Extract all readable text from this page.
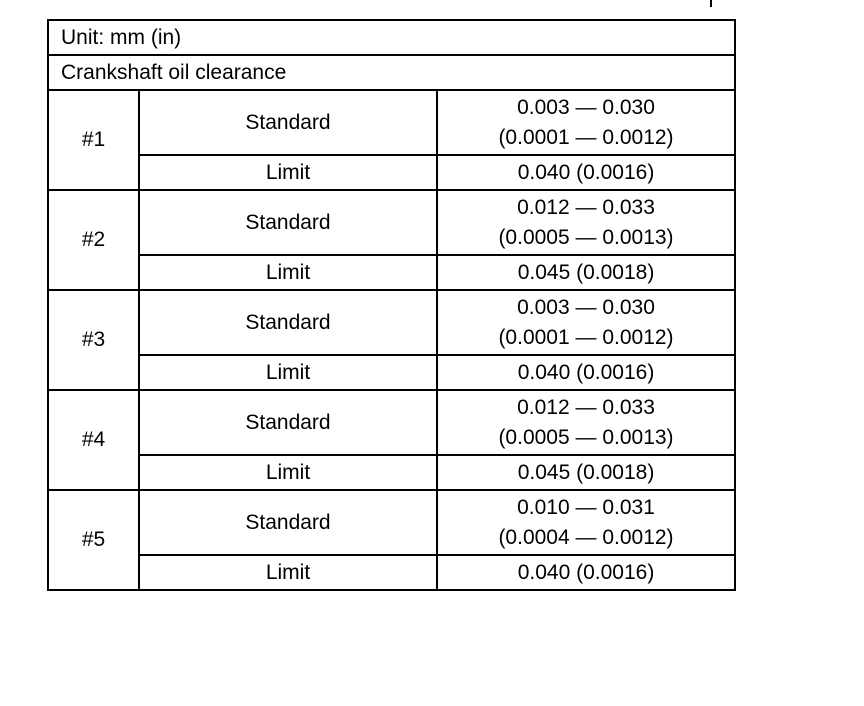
Unit: mm (in)		
Crankshaft oil clearance		
#1	Standard	0.003 — 0.030
(0.0001 — 0.0012)

	Limit	0.040 (0.0016)
#2	Standard	0.012 — 0.033
(0.0005 — 0.0013)

	Limit	0.045 (0.0018)
#3	Standard	0.003 — 0.030
(0.0001 — 0.0012)

	Limit	0.040 (0.0016)
#4	Standard	0.012 — 0.033
(0.0005 — 0.0013)

	Limit	0.045 (0.0018)
#5	Standard	0.010 — 0.031
(0.0004 — 0.0012)

	Limit	0.040 (0.0016)
